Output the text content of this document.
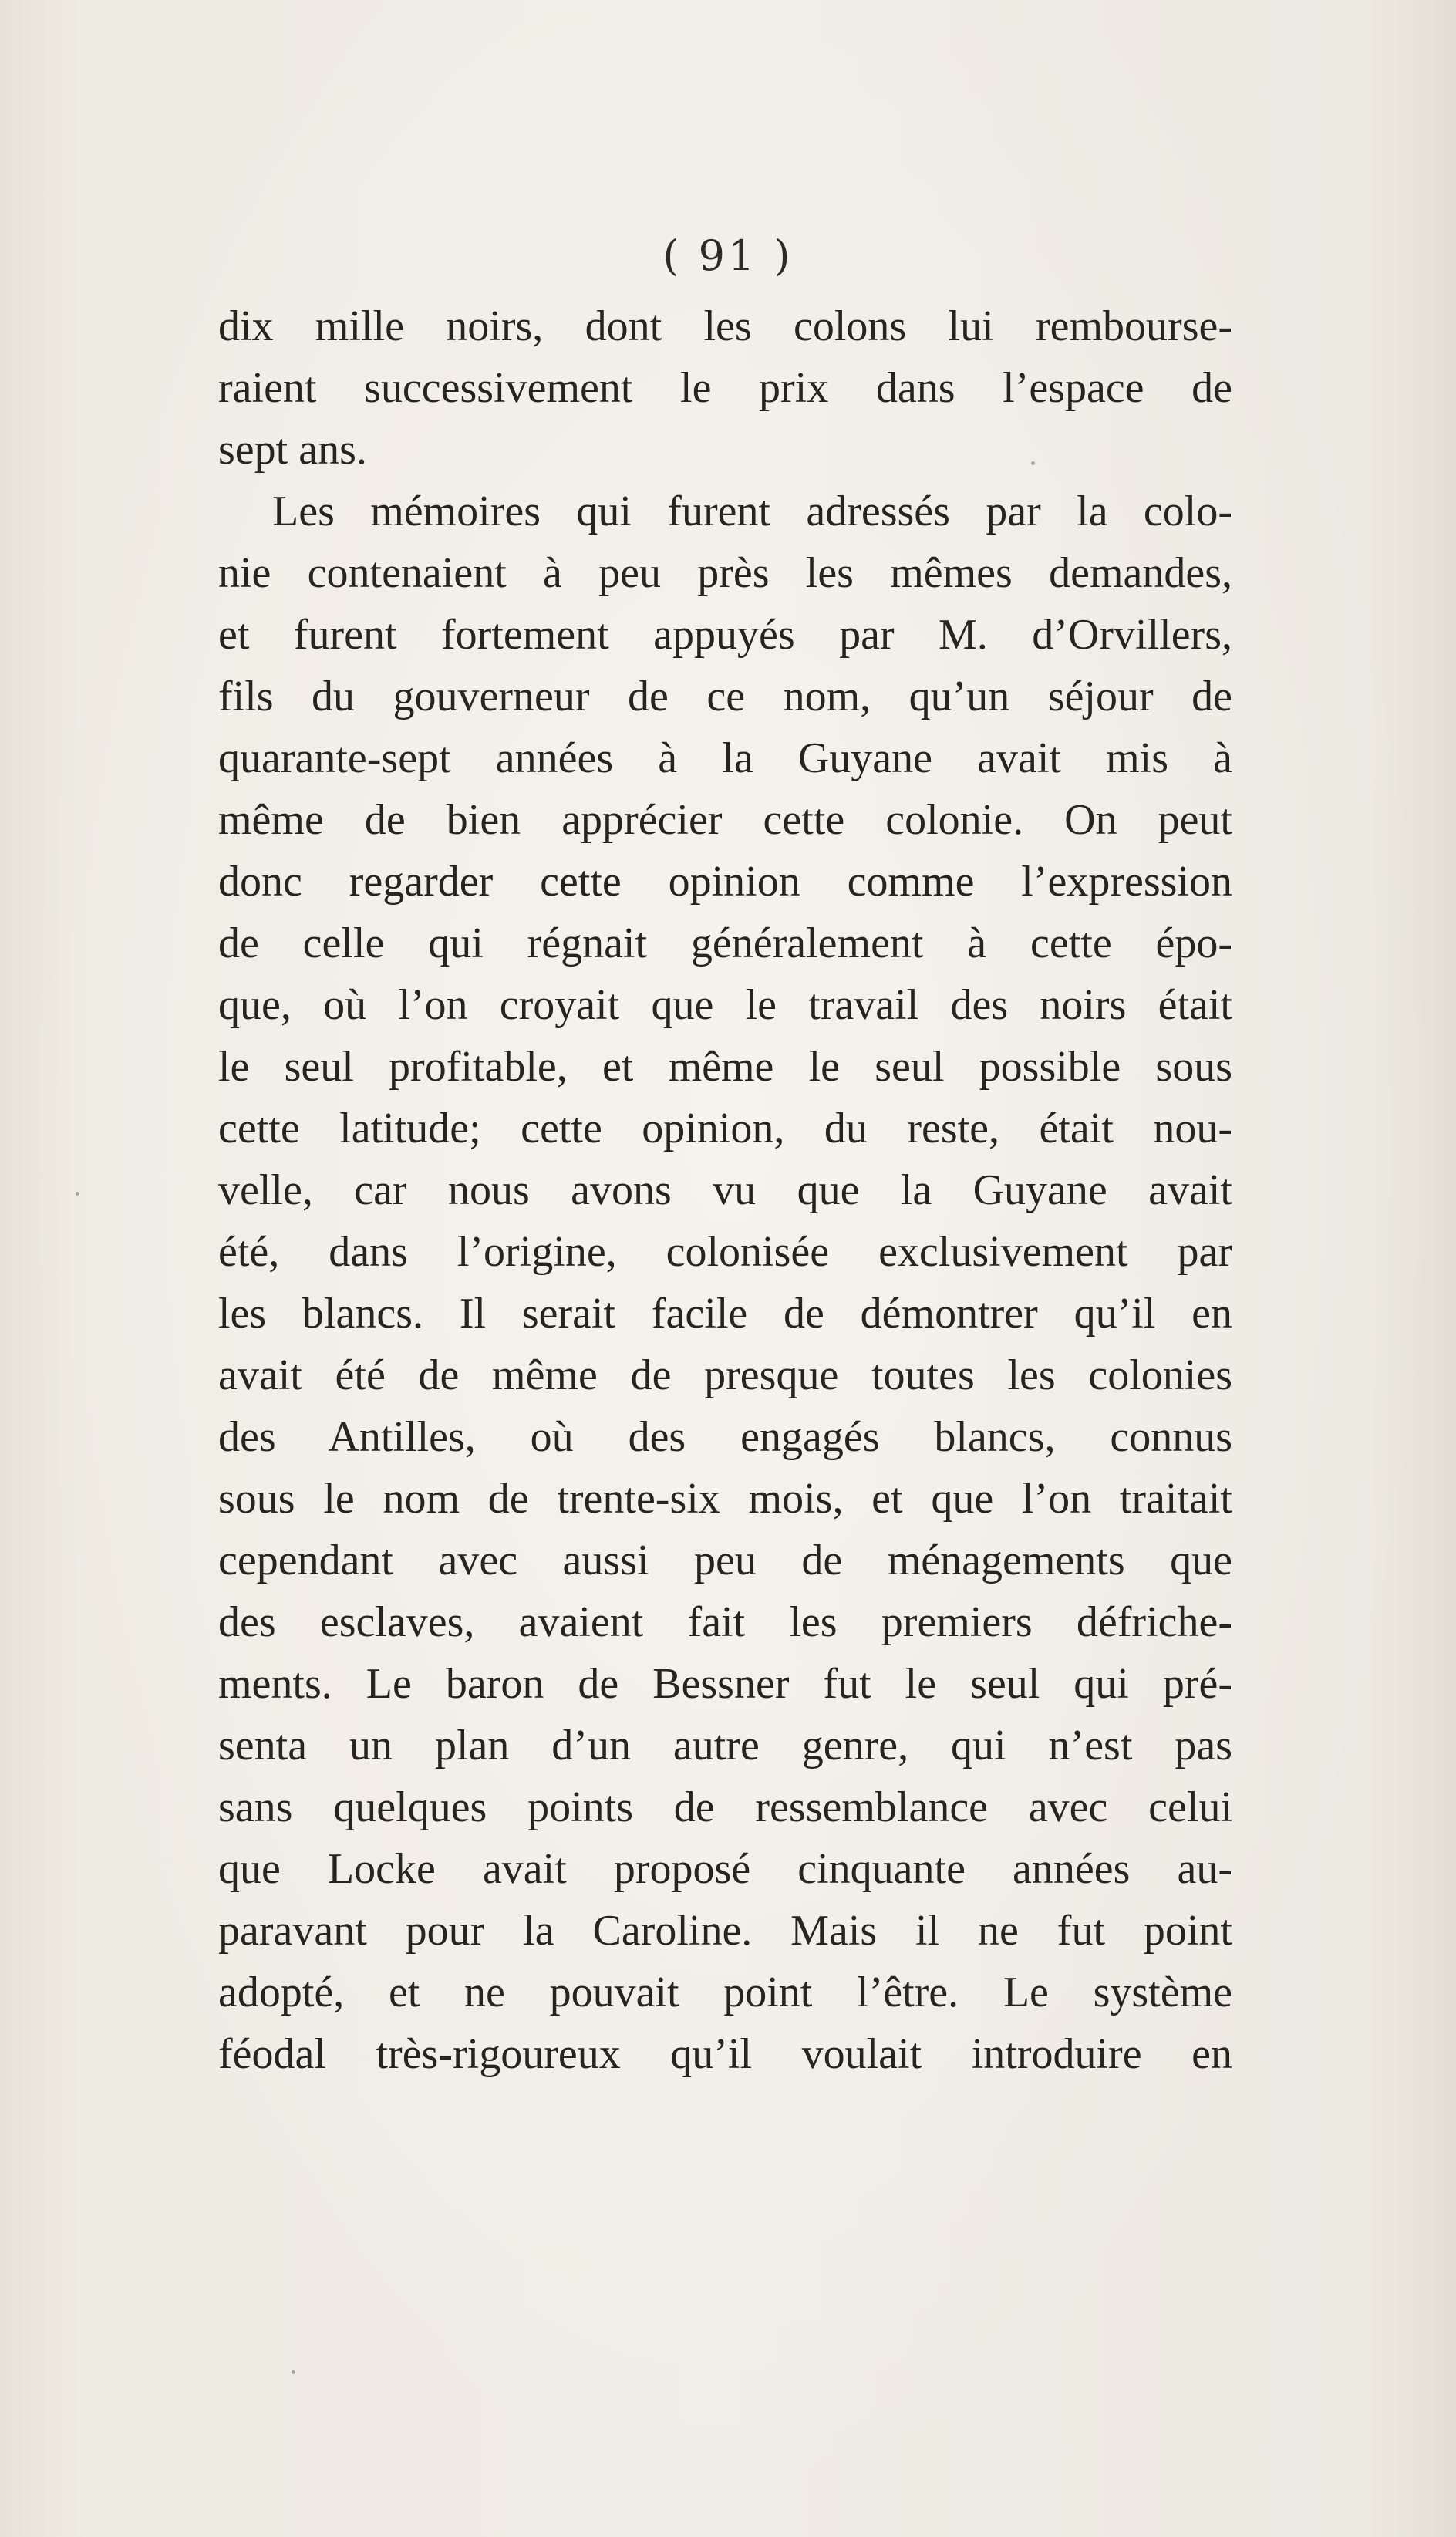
( 91 )
dix mille noirs, dont les colons lui rembourse-
raient successivement le prix dans l’espace de
sept ans.
Les mémoires qui furent adressés par la colo-
nie contenaient à peu près les mêmes demandes,
et furent fortement appuyés par M. d’Orvillers,
fils du gouverneur de ce nom, qu’un séjour de
quarante-sept années à la Guyane avait mis à
même de bien apprécier cette colonie. On peut
donc regarder cette opinion comme l’expression
de celle qui régnait généralement à cette épo-
que, où l’on croyait que le travail des noirs était
le seul profitable, et même le seul possible sous
cette latitude; cette opinion, du reste, était nou-
velle, car nous avons vu que la Guyane avait
été, dans l’origine, colonisée exclusivement par
les blancs. Il serait facile de démontrer qu’il en
avait été de même de presque toutes les colonies
des Antilles, où des engagés blancs, connus
sous le nom de trente-six mois, et que l’on traitait
cependant avec aussi peu de ménagements que
des esclaves, avaient fait les premiers défriche-
ments. Le baron de Bessner fut le seul qui pré-
senta un plan d’un autre genre, qui n’est pas
sans quelques points de ressemblance avec celui
que Locke avait proposé cinquante années au-
paravant pour la Caroline. Mais il ne fut point
adopté, et ne pouvait point l’être. Le système
féodal très-rigoureux qu’il voulait introduire en
